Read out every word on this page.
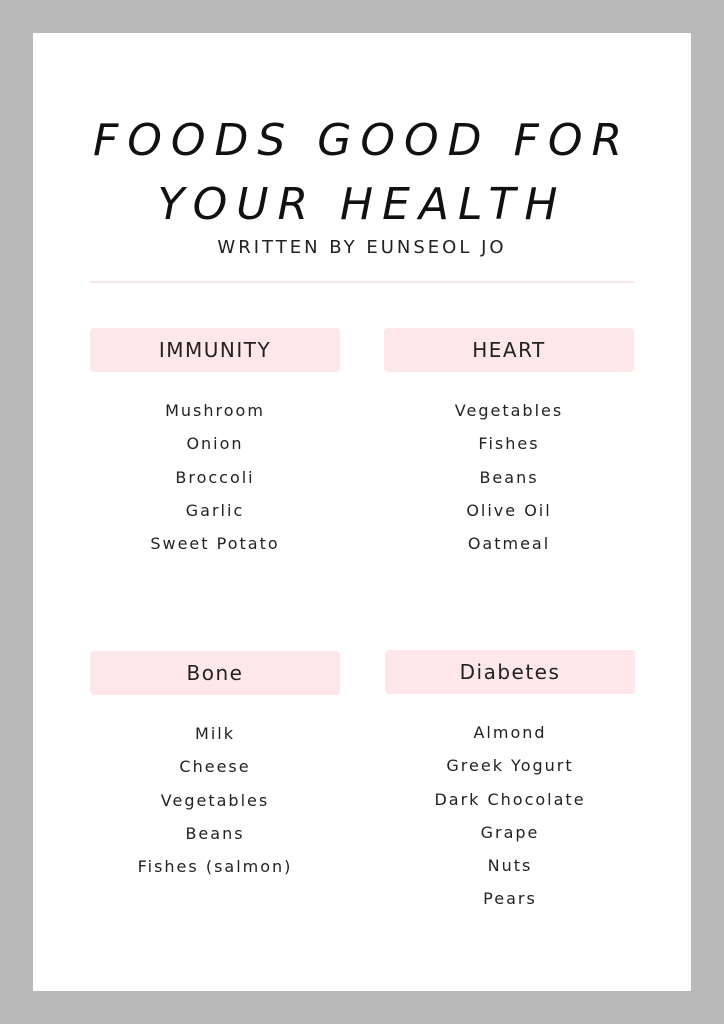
FOODS GOOD FOR
YOUR HEALTH
WRITTEN BY EUNSEOL JO
IMMUNITY
Mushroom
Onion
Broccoli
Garlic
Sweet Potato
HEART
Vegetables
Fishes
Beans
Olive Oil
Oatmeal
Bone
Milk
Cheese
Vegetables
Beans
Fishes (salmon)
Diabetes
Almond
Greek Yogurt
Dark Chocolate
Grape
Nuts
Pears
